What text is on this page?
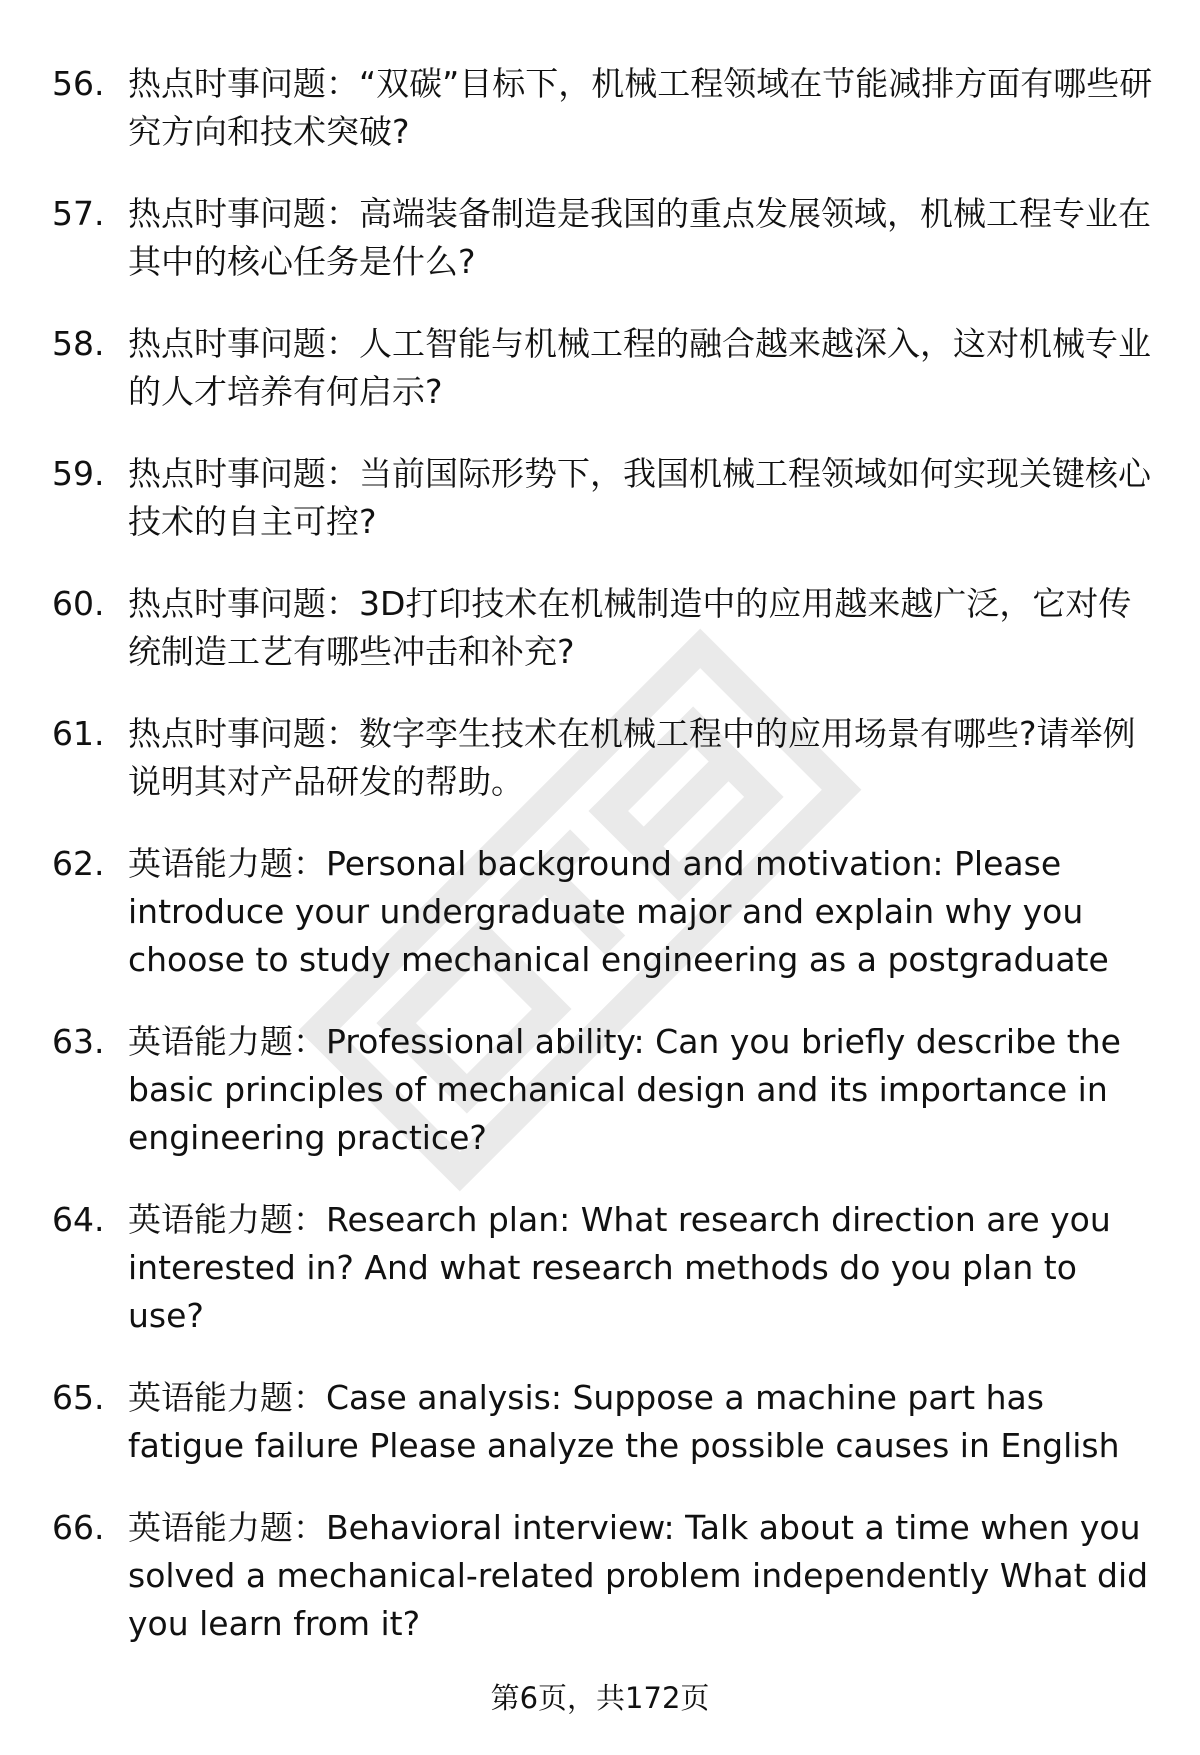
56. 热点时事问题：“双碳”目标下，机械工程领域在节能减排方面有哪些研究方向和技术突破?
57. 热点时事问题：高端装备制造是我国的重点发展领域，机械工程专业在其中的核心任务是什么?
58. 热点时事问题：人工智能与机械工程的融合越来越深入，这对机械专业的人才培养有何启示?
59. 热点时事问题：当前国际形势下，我国机械工程领域如何实现关键核心技术的自主可控?
60. 热点时事问题：3D打印技术在机械制造中的应用越来越广泛，它对传统制造工艺有哪些冲击和补充?
61. 热点时事问题：数字孪生技术在机械工程中的应用场景有哪些?请举例说明其对产品研发的帮助。
62. 英语能力题：Personal background and motivation: Please introduce your undergraduate major and explain why you choose to study mechanical engineering as a postgraduate
63. 英语能力题：Professional ability: Can you briefly describe the basic principles of mechanical design and its importance in engineering practice?
64. 英语能力题：Research plan: What research direction are you interested in? And what research methods do you plan to use?
65. 英语能力题：Case analysis: Suppose a machine part has fatigue failure Please analyze the possible causes in English
66. 英语能力题：Behavioral interview: Talk about a time when you solved a mechanical-related problem independently What did you learn from it?
第6页，共172页
